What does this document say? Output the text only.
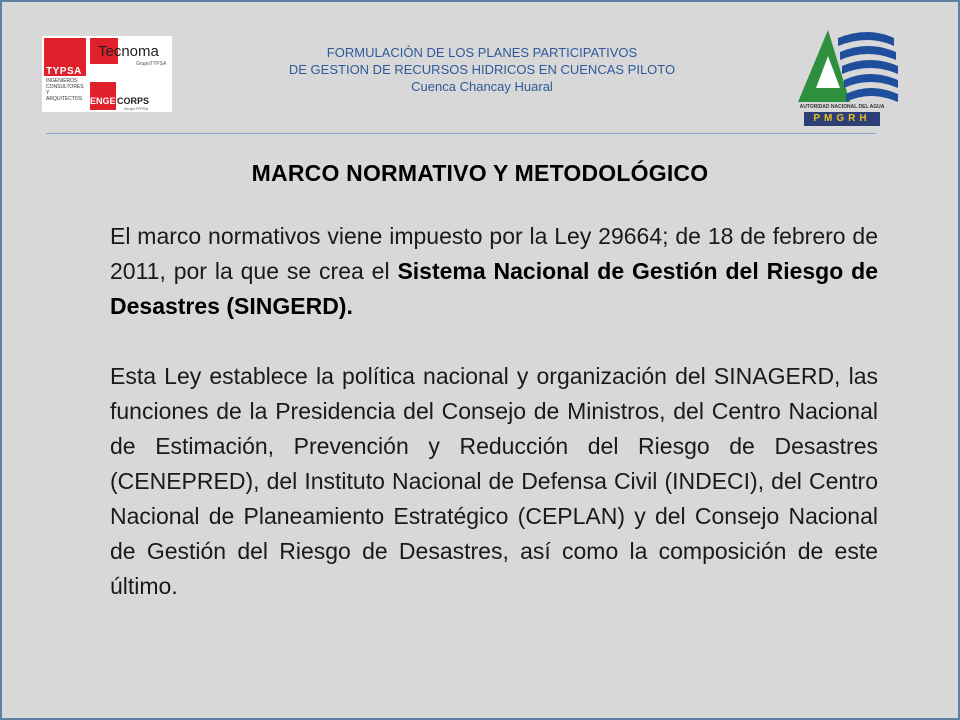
TYPSA
INGENIEROS
CONSULTORES
Y ARQUITECTOS
Tecnoma
GrupoTYPSA
ENGE CORPS
GrupoTYPSA
FORMULACIÓN DE LOS PLANES PARTICIPATIVOS
DE GESTION DE RECURSOS HIDRICOS EN CUENCAS PILOTO
Cuenca Chancay Huaral
AUTORIDAD NACIONAL DEL AGUA
PMGRH
MARCO NORMATIVO Y METODOLÓGICO

El marco normativos viene impuesto por la Ley 29664; de 18 de febrero de 2011, por la que se crea el Sistema Nacional de Gestión del Riesgo de Desastres (SINGERD).

Esta Ley establece la política nacional y organización del SINAGERD, las funciones de la Presidencia del Consejo de Ministros, del Centro Nacional de Estimación, Prevención y Reducción del Riesgo de Desastres (CENEPRED), del Instituto Nacional de Defensa Civil (INDECI), del Centro Nacional de Planeamiento Estratégico (CEPLAN) y del Consejo Nacional de Gestión del Riesgo de Desastres, así como la composición de este último.
